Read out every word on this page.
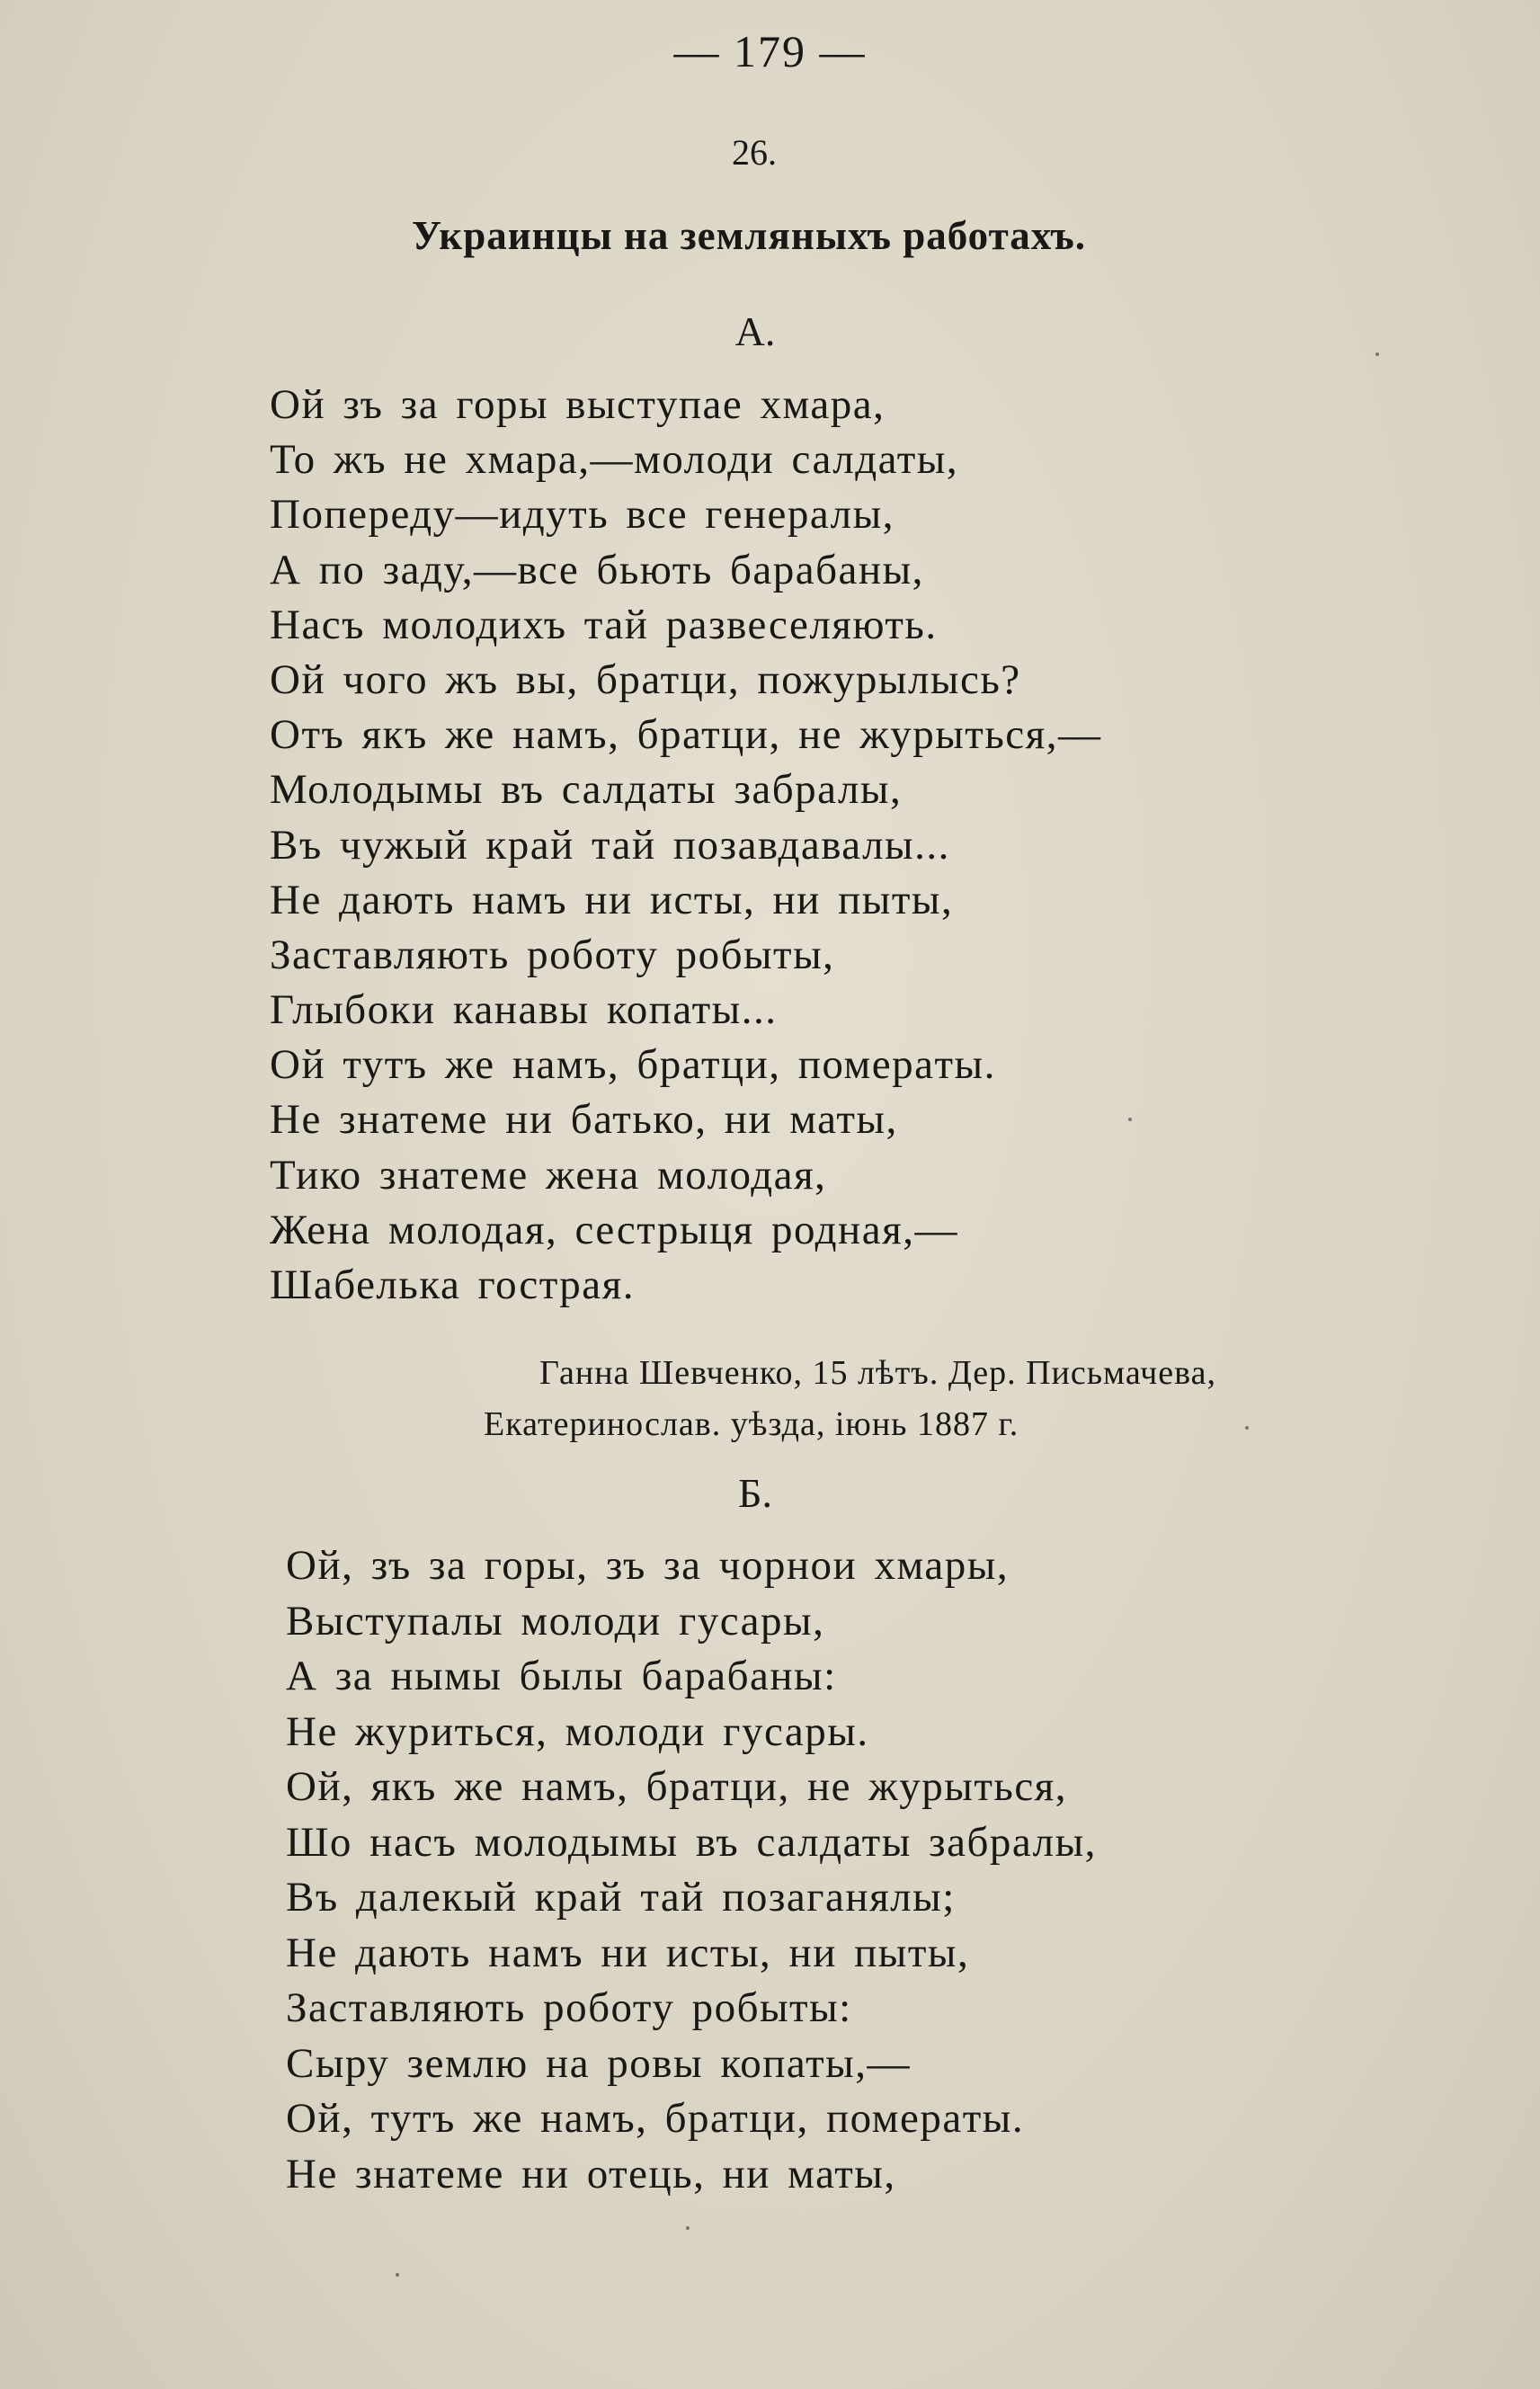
— 179 —
26.
Украинцы на земляныхъ работахъ.
А.
Ой зъ за горы выступае хмара,
То жъ не хмара,—молоди салдаты,
Попереду—идуть все генералы,
А по заду,—все бьють барабаны,
Насъ молодихъ тай развеселяють.
Ой чого жъ вы, братци, пожурылысь?
Отъ якъ же намъ, братци, не журыться,—
Молодымы въ салдаты забралы,
Въ чужый край тай позавдавалы...
Не дають намъ ни исты, ни пыты,
Заставляють роботу робыты,
Глыбоки канавы копаты...
Ой тутъ же намъ, братци, померaты.
Не знатеме ни батько, ни маты,
Тико знатеме жена молодая,
Жена молодая, сестрыця родная,—
Шабелька гострая.
Ганна Шевченко, 15 лѣтъ. Дер. Письмачева,
Екатеринослав. уѣзда, іюнь 1887 г.
Б.
Ой, зъ за горы, зъ за чорнои хмары,
Выступалы молоди гусары,
А за нымы былы барабаны:
Не журиться, молоди гусары.
Ой, якъ же намъ, братци, не журыться,
Шо насъ молодымы въ салдаты забралы,
Въ далекый край тай позаганялы;
Не дають намъ ни исты, ни пыты,
Заставляють роботу робыты:
Сыру землю на ровы копаты,—
Ой, тутъ же намъ, братци, померaты.
Не знатеме ни отець, ни маты,
